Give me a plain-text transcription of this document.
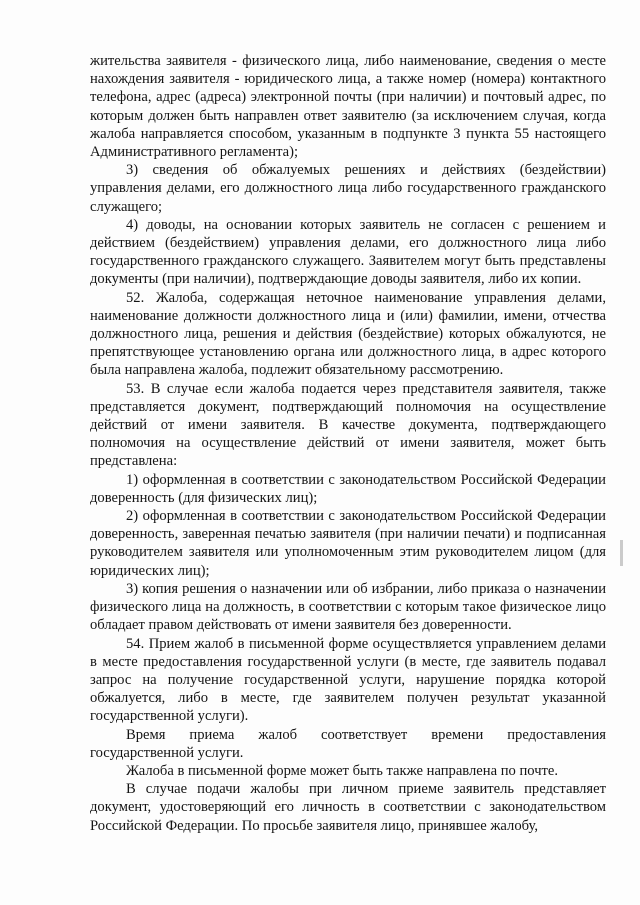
жительства заявителя - физического лица, либо наименование, сведения о месте нахождения заявителя - юридического лица, а также номер (номера) контактного телефона, адрес (адреса) электронной почты (при наличии) и почтовый адрес, по которым должен быть направлен ответ заявителю (за исключением случая, когда жалоба направляется способом, указанным в подпункте 3 пункта 55 настоящего Административного регламента);

3) сведения об обжалуемых решениях и действиях (бездействии) управления делами, его должностного лица либо государственного гражданского служащего;

4) доводы, на основании которых заявитель не согласен с решением и действием (бездействием) управления делами, его должностного лица либо государственного гражданского служащего. Заявителем могут быть представлены документы (при наличии), подтверждающие доводы заявителя, либо их копии.

52. Жалоба, содержащая неточное наименование управления делами, наименование должности должностного лица и (или) фамилии, имени, отчества должностного лица, решения и действия (бездействие) которых обжалуются, не препятствующее установлению органа или должностного лица, в адрес которого была направлена жалоба, подлежит обязательному рассмотрению.

53. В случае если жалоба подается через представителя заявителя, также представляется документ, подтверждающий полномочия на осуществление действий от имени заявителя. В качестве документа, подтверждающего полномочия на осуществление действий от имени заявителя, может быть представлена:

1) оформленная в соответствии с законодательством Российской Федерации доверенность (для физических лиц);

2) оформленная в соответствии с законодательством Российской Федерации доверенность, заверенная печатью заявителя (при наличии печати) и подписанная руководителем заявителя или уполномоченным этим руководителем лицом (для юридических лиц);

3) копия решения о назначении или об избрании, либо приказа о назначении физического лица на должность, в соответствии с которым такое физическое лицо обладает правом действовать от имени заявителя без доверенности.

54. Прием жалоб в письменной форме осуществляется управлением делами в месте предоставления государственной услуги (в месте, где заявитель подавал запрос на получение государственной услуги, нарушение порядка которой обжалуется, либо в месте, где заявителем получен результат указанной государственной услуги).

Время приема жалоб соответствует времени предоставления государственной услуги.

Жалоба в письменной форме может быть также направлена по почте.

В случае подачи жалобы при личном приеме заявитель представляет документ, удостоверяющий его личность в соответствии с законодательством Российской Федерации. По просьбе заявителя лицо, принявшее жалобу,
